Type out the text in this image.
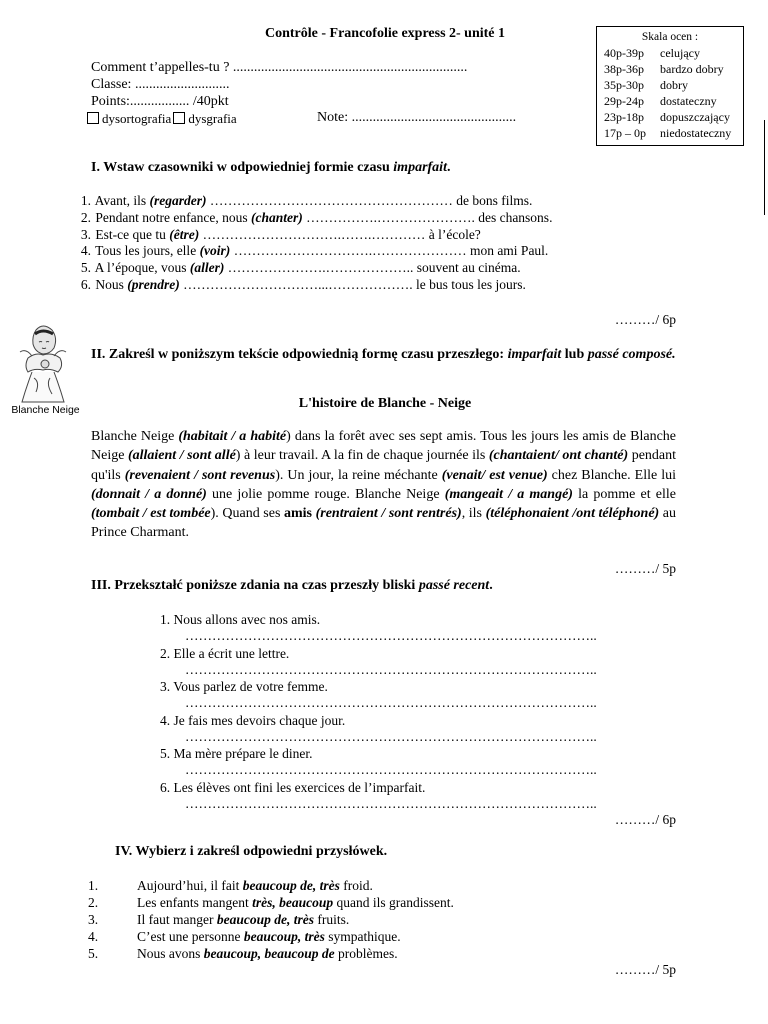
Contrôle - Francofolie express 2- unité 1	Skala ocen :
40p-39p	celujący
38p-36p	bardzo dobry
35p-30p	dobry
29p-24p	dostateczny
23p-18p	dopuszczający
17p – 0p	niedostateczny
Comment t’appelles-tu ? ...................................................................
Classe: ...........................
Points:................. /40pkt
dysortografia dysgrafia	Note: ...............................................
I. Wstaw czasowniki w odpowiedniej formie czasu imparfait.
1. Avant, ils (regarder) ……………………………………………… de bons films.
2. Pendant notre enfance, nous (chanter) …………….…………………. des chansons.
3. Est-ce que tu (être) ………………………….…….………… à l’école?
4. Tous les jours, elle (voir) ………………………….………………… mon ami Paul.
5. A l’époque, vous (aller) ………………….……………….. souvent au cinéma.
6. Nous (prendre) …………………………...………………. le bus tous les jours.
………/ 6p
Blanche Neige
II. Zakreśl w poniższym tekście odpowiednią formę czasu przeszłego: imparfait lub passé composé.
L'histoire de Blanche - Neige
Blanche Neige (habitait / a habité) dans la forêt avec ses sept amis. Tous les jours les amis de Blanche Neige (allaient / sont allé) à leur travail. A la fin de chaque journée ils (chantaient/ ont chanté) pendant qu'ils (revenaient / sont revenus). Un jour, la reine méchante (venait/ est venue) chez Blanche. Elle lui (donnait / a donné) une jolie pomme rouge. Blanche Neige (mangeait / a mangé) la pomme et elle (tombait / est tombée). Quand ses amis (rentraient / sont rentrés), ils (téléphonaient /ont téléphoné) au Prince Charmant.
………/ 5p
III. Przekształć poniższe zdania na czas przeszły bliski passé recent.
1. Nous allons avec nos amis.
………………………………………………………………………………..
2. Elle a écrit une lettre.
………………………………………………………………………………..
3. Vous parlez de votre femme.
………………………………………………………………………………..
4. Je fais mes devoirs chaque jour.
………………………………………………………………………………..
5. Ma mère prépare le diner.
………………………………………………………………………………..
6. Les élèves ont fini les exercices de l’imparfait.
………………………………………………………………………………..
………/ 6p
IV. Wybierz i zakreśl odpowiedni przysłówek.
1.	Aujourd’hui, il fait beaucoup de, très froid.
2.	Les enfants mangent très, beaucoup quand ils grandissent.
3.	Il faut manger beaucoup de, très fruits.
4.	C’est une personne beaucoup, très sympathique.
5.	Nous avons beaucoup, beaucoup de problèmes.
………/ 5p
